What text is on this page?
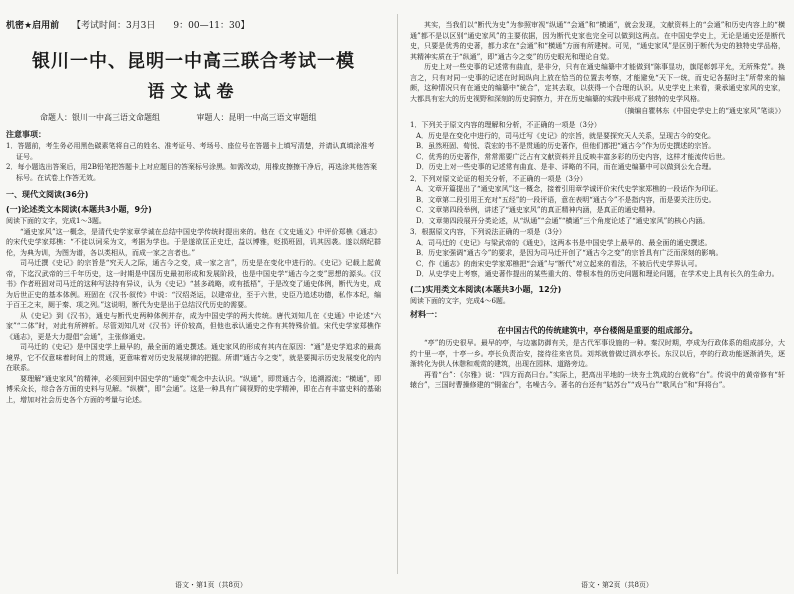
机密★启用前 【考试时间：3月3日　　9：00—11：30】
银川一中、昆明一中高三联合考试一模
语文试卷
命题人：银川一中高三语文命题组	审题人：昆明一中高三语文审题组
注意事项：

1．答题前，考生务必用黑色碳素笔将自己的姓名、准考证号、考场号、座位号在答题卡上填写清楚，并请认真填涂准考证号。

2．每小题选出答案后，用2B铅笔把答题卡上对应题目的答案标号涂黑。如需改动，用橡皮擦擦干净后，再选涂其他答案标号。在试卷上作答无效。

一、现代文阅读(36分)
(一)论述类文本阅读(本题共3小题，9分)

阅读下面的文字，完成1～3题。

“通史家风”这一概念，是清代史学家章学诚在总结中国史学传统时提出来的。他在《文史通义》中评价郑樵《通志》的宋代史学家郑樵：“不徒以词采为文，考据为学也。于是遂欲匡正史迁，益以博雅，贬损班固，讥其因袭。遂以纲纪群伦，为典为训，为图为谱，各以类相从，而成一家之言者也。”

司马迁撰《史记》的宗旨是“究天人之际，通古今之变，成一家之言”，历史是在变化中进行的。《史记》记载上起黄帝，下迄汉武帝的三千年历史，这一时期是中国历史最初形成和发展阶段，也是中国史学“通古今之变”思想的源头。《汉书》作者班固对司马迁的这种写法持有异议，认为《史记》“甚多疏略，或有抵梧”，于是改变了通史体例，断代为史，成为后世正史的基本体例。班固在《汉书·叙传》中说：“汉绍尧运，以建帝业，至于六世，史臣乃追述功德，私作本纪，编于百王之末，厕于秦、项之列。”这说明，断代为史是出于总结汉代历史的需要。

从《史记》到《汉书》，通史与断代史两种体例并存，成为中国史学的两大传统。唐代刘知几在《史通》中论述“六家”“二体”时，对此有所辨析。尽管刘知几对《汉书》评价较高，但他也承认通史之作有其特殊价值。宋代史学家郑樵作《通志》，更是大力提倡“会通”，主张修通史。

司马迁的《史记》是中国史学上最早的，最全面的通史撰述。通史家风的形成有其内在原因：“通”是史学追求的最高境界，它不仅意味着时间上的贯通，更意味着对历史发展规律的把握。所谓“通古今之变”，就是要揭示历史发展变化的内在联系。

要理解“通史家风”的精神，必须回到中国史学的“通变”观念中去认识。“纵通”，即贯通古今，追溯源流；“横通”，即博采众长，综合各方面的史料与见解。“纵横”，即“会通”。这是一种具有广阔视野的史学精神，即在占有丰富史料的基础上，增加对社会历史各个方面的考量与论述。

其实，当我们以“断代为史”为参照审视“纵通”“会通”和“横通”，就会发现，文献资料上的“会通”和历史内容上的“横通”都不是以区别“通史家风”的主要依据，因为断代史家也完全可以做到这两点。在中国史学史上，无论是通史还是断代史，只要是优秀的史著，都力求在“会通”和“横通”方面有所建树。可见，“通史家风”是区别于断代为史的独特史学品格，其精神实质在于“纵通”，即“通古今之变”的历史眼光和理论自觉。

历史上对一些史事的记述常有曲直，是非分，只有在通史编纂中才能做到“陈事显功，旗尾彰郭平允，无所殊党”。换言之，只有对同一史事的记述在时间纵向上放在恰当的位置去考察，才能避免“天下一统，而史记各据时主”所带来的偏颇，这种情况只有在通史的编纂中“統合”，定其去取，以获得一个合理的认识。从史学史上来看，秉承通史家风的史家，大都具有宏大的历史视野和深刻的历史洞察力，并在历史编纂的实践中形成了独特的史学风格。

（摘编自瞿林东《中国史学史上的“通史家风”笔谈》）

1．下列关于原文内容的理解和分析，不正确的一项是（3分）

A．历史是在变化中进行的，司马迁写《史记》的宗旨，就是要探究天人关系，呈现古今的变化。

B．虽然班固、荀悦、袁宏的书不是贯通的历史著作，但他们都把“通古今”作为历史撰述的宗旨。

C．优秀的历史著作，常常需要广泛占有文献资料并且反映丰富多彩的历史内容，这样才能流传后世。

D．历史上对一些史事的记述常有曲直、是非、详略的不同，而在通史编纂中可以做到公允合理。

2．下列对原文论证的相关分析，不正确的一项是（3分）

A．文章开篇提出了“通史家风”这一概念，接着引用章学诚评价宋代史学家郑樵的一段话作为印证。

B．文章第二段引用王充对“五经”的一段评语，意在表明“通古今”不是指内容，而是要关注历史。

C．文章第四段举例，讲述了“通史家风”的真正精神内涵，是真正的通史精神。

D．文章第四段展开分类论述，从“纵通”“会通”“横通”三个角度论述了“通史家风”的核心内涵。

3．根据原文内容，下列说法正确的一项是（3分）

A．司马迁的《史记》与梁武帝的《通史》，这两本书是中国史学上最早的、最全面的通史撰述。

B．历史家强调“通古今”的要求，是因为司马迁开创了“通古今之变”的宗旨具有广泛而深刻的影响。

C．作《通志》的南宋史学家郑樵把“会通”与“断代”对立起来的看法，不被后代史学界认可。

D．从史学史上考察，通史著作提出的某些重大的、带根本性的历史问题和理论问题，在学术史上具有长久的生命力。

(二)实用类文本阅读(本题共3小题，12分)

阅读下面的文字，完成4～6题。

材料一：
在中国古代的传统建筑中，亭台楼阁是重要的组成部分。

“亭”的历史很早。最早的亭，与边塞防御有关，是古代军事设施的一种。秦汉时期，亭成为行政体系的组成部分，大约十里一亭，十亭一乡。亭长负责治安，接待往来官员。刘邦就曾做过泗水亭长。东汉以后，亭的行政功能逐渐消失，逐渐转化为供人休憩和观赏的建筑，出现在园林、道路旁边。

再看“台”：《尔雅》说：“四方而高曰台。”实际上，把高出平地的一块夯土筑成的台就称“台”。传说中的黄帝修有“轩辕台”，三国时曹操修建的“铜雀台”，名噪古今。著名的台还有“姑苏台”“戏马台”“歌风台”和“拜将台”。

语文・第1页（共8页）	语文・第2页（共8页）
